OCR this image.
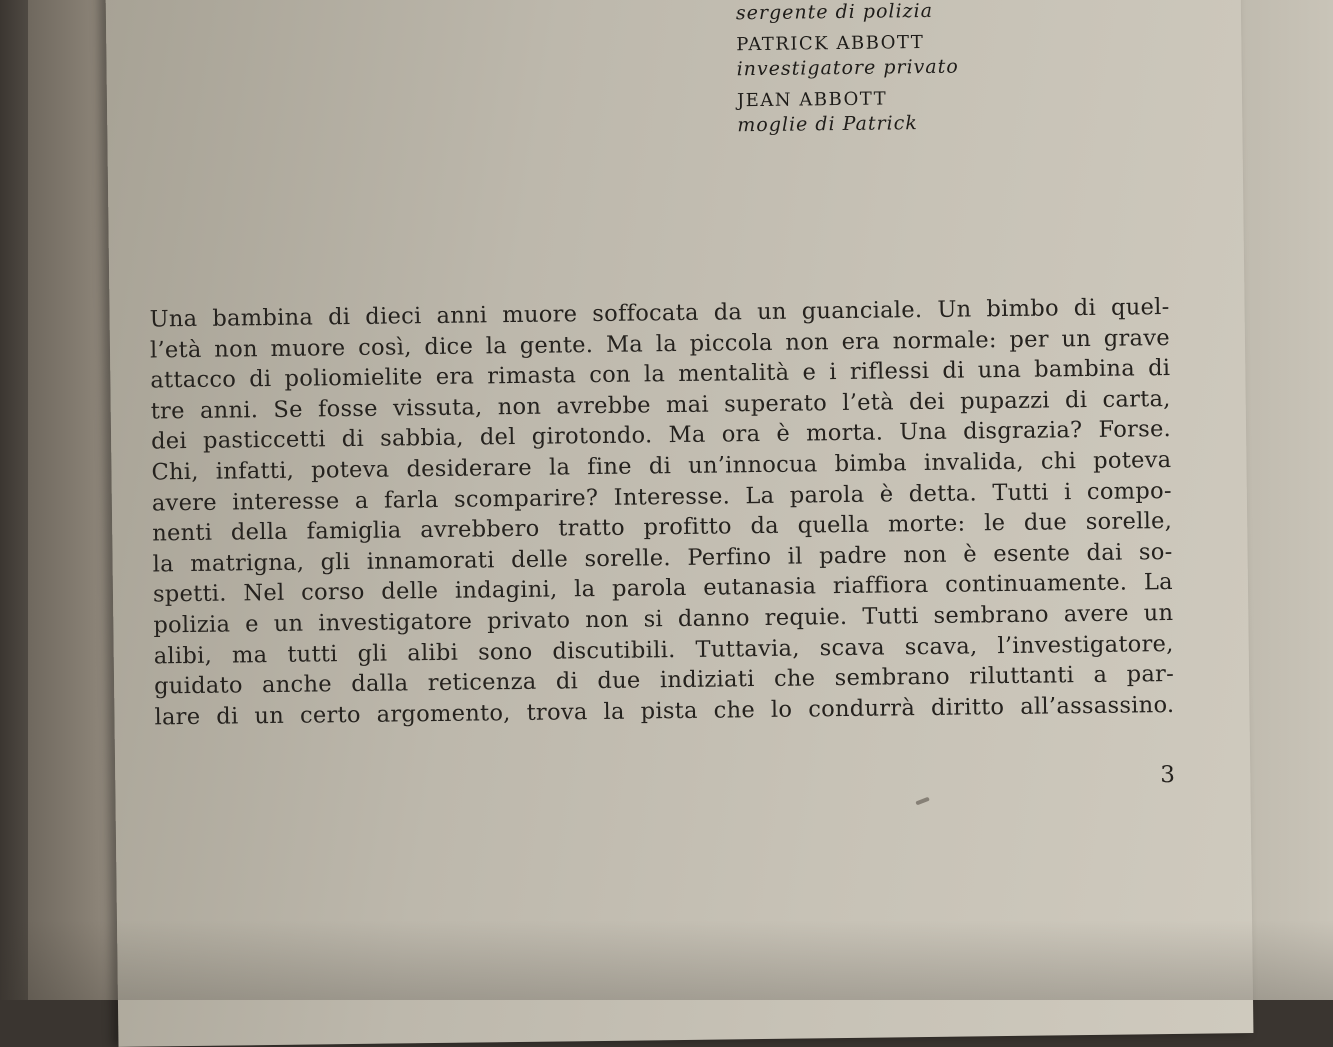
sergente di polizia
PATRICK ABBOTT
investigatore privato
JEAN ABBOTT
moglie di Patrick
Una bambina di dieci anni muore soffocata da un guanciale. Un bimbo di quel-
l’età non muore così, dice la gente. Ma la piccola non era normale: per un grave
attacco di poliomielite era rimasta con la mentalità e i riflessi di una bambina di
tre anni. Se fosse vissuta, non avrebbe mai superato l’età dei pupazzi di carta,
dei pasticcetti di sabbia, del girotondo. Ma ora è morta. Una disgrazia? Forse.
Chi, infatti, poteva desiderare la fine di un’innocua bimba invalida, chi poteva
avere interesse a farla scomparire? Interesse. La parola è detta. Tutti i compo-
nenti della famiglia avrebbero tratto profitto da quella morte: le due sorelle,
la matrigna, gli innamorati delle sorelle. Perfino il padre non è esente dai so-
spetti. Nel corso delle indagini, la parola eutanasia riaffiora continuamente. La
polizia e un investigatore privato non si danno requie. Tutti sembrano avere un
alibi, ma tutti gli alibi sono discutibili. Tuttavia, scava scava, l’investigatore,
guidato anche dalla reticenza di due indiziati che sembrano riluttanti a par-
lare di un certo argomento, trova la pista che lo condurrà diritto all’assassino.
3
